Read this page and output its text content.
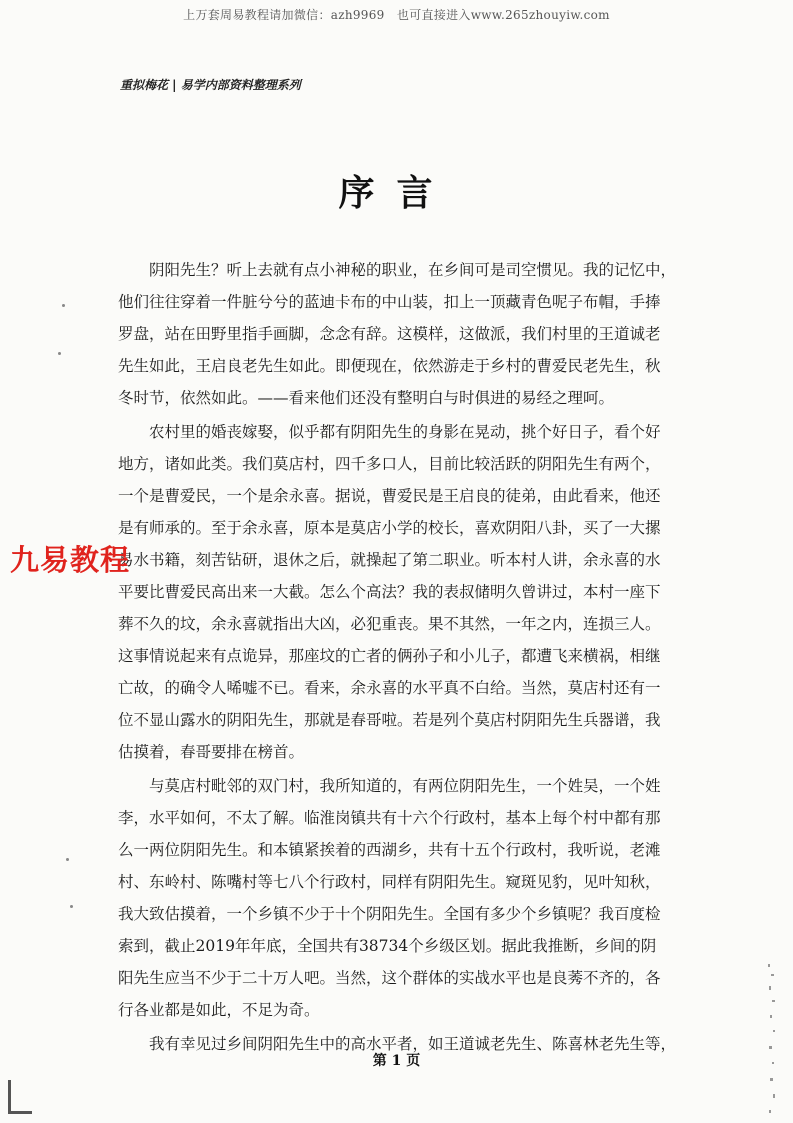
上万套周易教程请加微信：azh9969　也可直接进入www.265zhouyiw.com
重拟梅花 | 易学内部资料整理系列
序言
　　阴阳先生？听上去就有点小神秘的职业，在乡间可是司空惯见。我的记忆中，
他们往往穿着一件脏兮兮的蓝迪卡布的中山装，扣上一顶藏青色呢子布帽，手捧
罗盘，站在田野里指手画脚，念念有辞。这模样，这做派，我们村里的王道诚老
先生如此，王启良老先生如此。即便现在，依然游走于乡村的曹爱民老先生，秋
冬时节，依然如此。——看来他们还没有整明白与时俱进的易经之理呵。
　　农村里的婚丧嫁娶，似乎都有阴阳先生的身影在晃动，挑个好日子，看个好
地方，诸如此类。我们莫店村，四千多口人，目前比较活跃的阴阳先生有两个，
一个是曹爱民，一个是余永喜。据说，曹爱民是王启良的徒弟，由此看来，他还
是有师承的。至于余永喜，原本是莫店小学的校长，喜欢阴阳八卦，买了一大摞
易水书籍，刻苦钻研，退休之后，就操起了第二职业。听本村人讲，余永喜的水
平要比曹爱民高出来一大截。怎么个高法？我的表叔储明久曾讲过，本村一座下
葬不久的坟，余永喜就指出大凶，必犯重丧。果不其然，一年之内，连损三人。
这事情说起来有点诡异，那座坟的亡者的俩孙子和小儿子，都遭飞来横祸，相继
亡故，的确令人唏嘘不已。看来，余永喜的水平真不白给。当然，莫店村还有一
位不显山露水的阴阳先生，那就是春哥啦。若是列个莫店村阴阳先生兵器谱，我
估摸着，春哥要排在榜首。
　　与莫店村毗邻的双门村，我所知道的，有两位阴阳先生，一个姓吴，一个姓
李，水平如何，不太了解。临淮岗镇共有十六个行政村，基本上每个村中都有那
么一两位阴阳先生。和本镇紧挨着的西湖乡，共有十五个行政村，我听说，老滩
村、东岭村、陈嘴村等七八个行政村，同样有阴阳先生。窥斑见豹，见叶知秋，
我大致估摸着，一个乡镇不少于十个阴阳先生。全国有多少个乡镇呢？我百度检
索到，截止2019年年底，全国共有38734个乡级区划。据此我推断，乡间的阴
阳先生应当不少于二十万人吧。当然，这个群体的实战水平也是良莠不齐的，各
行各业都是如此，不足为奇。
　　我有幸见过乡间阴阳先生中的高水平者，如王道诚老先生、陈喜林老先生等，
九易教程
第 1 页
